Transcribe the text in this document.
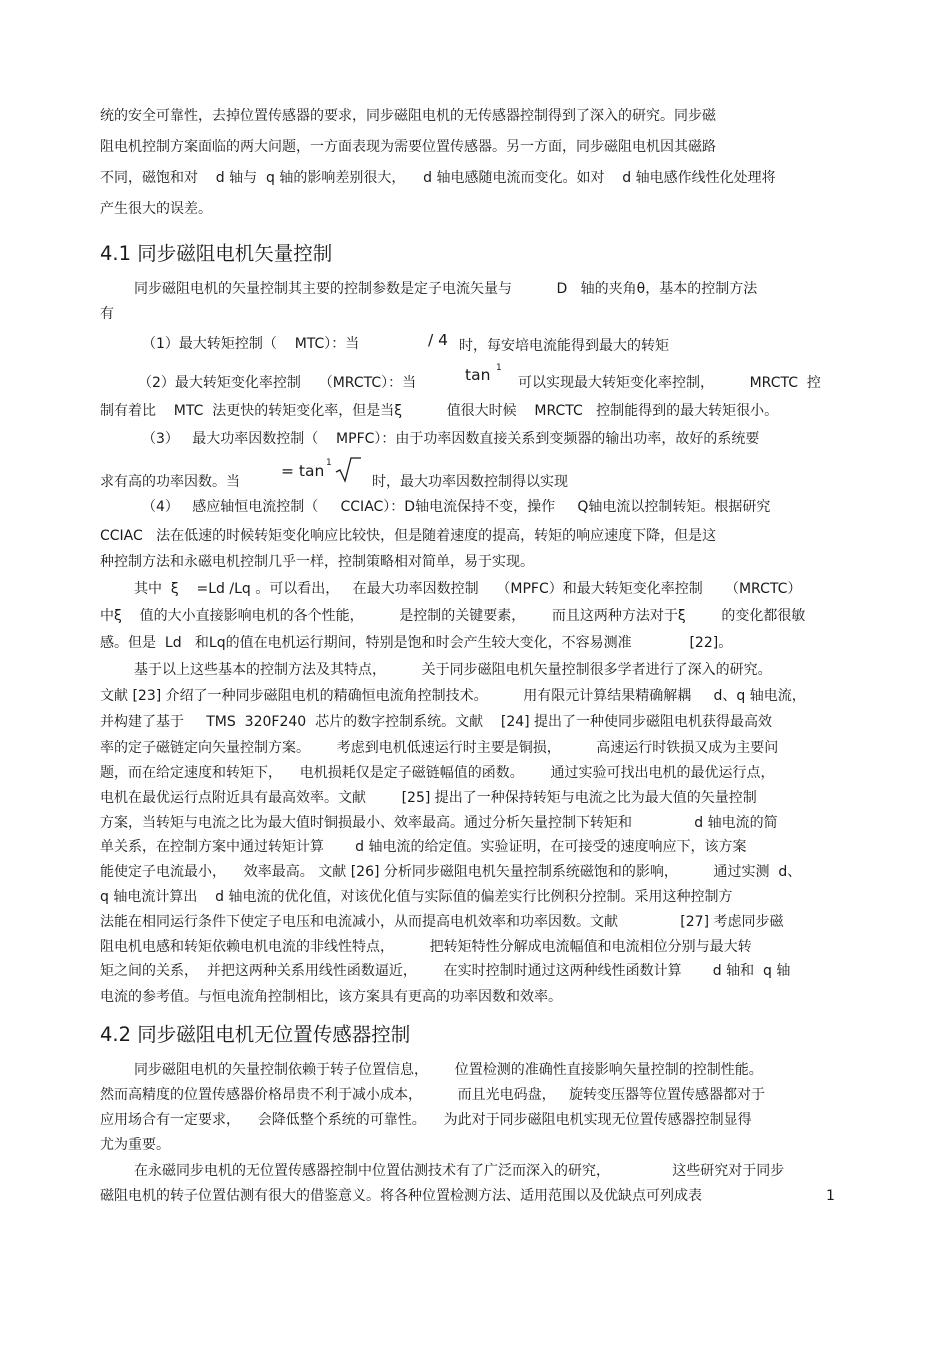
统的安全可靠性，去掉位置传感器的要求，同步磁阻电机的无传感器控制得到了深入的研究。同步磁
阻电机控制方案面临的两大问题，一方面表现为需要位置传感器。另一方面，同步磁阻电机因其磁路
不同，磁饱和对    d 轴与  q 轴的影响差别很大，    d 轴电感随电流而变化。如对    d 轴电感作线性化处理将
产生很大的误差。
4.1 同步磁阻电机矢量控制
同步磁阻电机的矢量控制其主要的控制参数是定子电流矢量与          D   轴的夹角θ，基本的控制方法
有
（1）最大转矩控制（    MTC）：当	/ 4 时，每安培电流能得到最大的转矩
（2）最大转矩变化率控制    （MRCTC）：当	tan 1
可以实现最大转矩变化率控制，        MRCTC  控
制有着比    MTC  法更快的转矩变化率，但是当ξ          值很大时候    MRCTC   控制能得到的最大转矩很小。
（3）   最大功率因数控制（    MPFC）：由于功率因数直接关系到变频器的输出功率，故好的系统要
求有高的功率因数。当
= tan 1
时，最大功率因数控制得以实现
（4）   感应轴恒电流控制（     CCIAC）：D轴电流保持不变，操作     Q轴电流以控制转矩。根据研究
CCIAC   法在低速的时候转矩变化响应比较快，但是随着速度的提高，转矩的响应速度下降，但是这
种控制方法和永磁电机控制几乎一样，控制策略相对简单，易于实现。
其中  ξ    =Ld /Lq 。可以看出，   在最大功率因数控制    （MPFC）和最大转矩变化率控制     （MRCTC）
中ξ    值的大小直接影响电机的各个性能，        是控制的关键要素，      而且这两种方法对于ξ        的变化都很敏
感。但是  Ld   和Lq的值在电机运行期间，特别是饱和时会产生较大变化，不容易测准             [22]。
基于以上这些基本的控制方法及其特点，        关于同步磁阻电机矢量控制很多学者进行了深入的研究。
文献 [23] 介绍了一种同步磁阻电机的精确恒电流角控制技术。        用有限元计算结果精确解耦     d、q 轴电流，
并构建了基于     TMS  320F240  芯片的数字控制系统。文献    [24] 提出了一种使同步磁阻电机获得最高效
率的定子磁链定向矢量控制方案。      考虑到电机低速运行时主要是铜损，        高速运行时铁损又成为主要问
题，而在给定速度和转矩下，    电机损耗仅是定子磁链幅值的函数。      通过实验可找出电机的最优运行点，
电机在最优运行点附近具有最高效率。文献        [25] 提出了一种保持转矩与电流之比为最大值的矢量控制
方案，当转矩与电流之比为最大值时铜损最小、效率最高。通过分析矢量控制下转矩和              d 轴电流的简
单关系，在控制方案中通过转矩计算       d 轴电流的给定值。实验证明，在可接受的速度响应下，该方案
能使定子电流最小，    效率最高。 文献 [26] 分析同步磁阻电机矢量控制系统磁饱和的影响，        通过实测  d、
q 轴电流计算出    d 轴电流的优化值，对该优化值与实际值的偏差实行比例积分控制。采用这种控制方
法能在相同运行条件下使定子电压和电流减小，从而提高电机效率和功率因数。文献              [27] 考虑同步磁
阻电机电感和转矩依赖电机电流的非线性特点，        把转矩特性分解成电流幅值和电流相位分别与最大转
矩之间的关系，  并把这两种关系用线性函数逼近，      在实时控制时通过这两种线性函数计算       d 轴和  q 轴
电流的参考值。与恒电流角控制相比，该方案具有更高的功率因数和效率。
4.2 同步磁阻电机无位置传感器控制
同步磁阻电机的矢量控制依赖于转子位置信息，      位置检测的准确性直接影响矢量控制的控制性能。
然而高精度的位置传感器价格昂贵不利于减小成本，        而且光电码盘，   旋转变压器等位置传感器都对于
应用场合有一定要求，    会降低整个系统的可靠性。    为此对于同步磁阻电机实现无位置传感器控制显得
尤为重要。
在永磁同步电机的无位置传感器控制中位置估测技术有了广泛而深入的研究，              这些研究对于同步
磁阻电机的转子位置估测有很大的借鉴意义。将各种位置检测方法、适用范围以及优缺点可列成表	1
